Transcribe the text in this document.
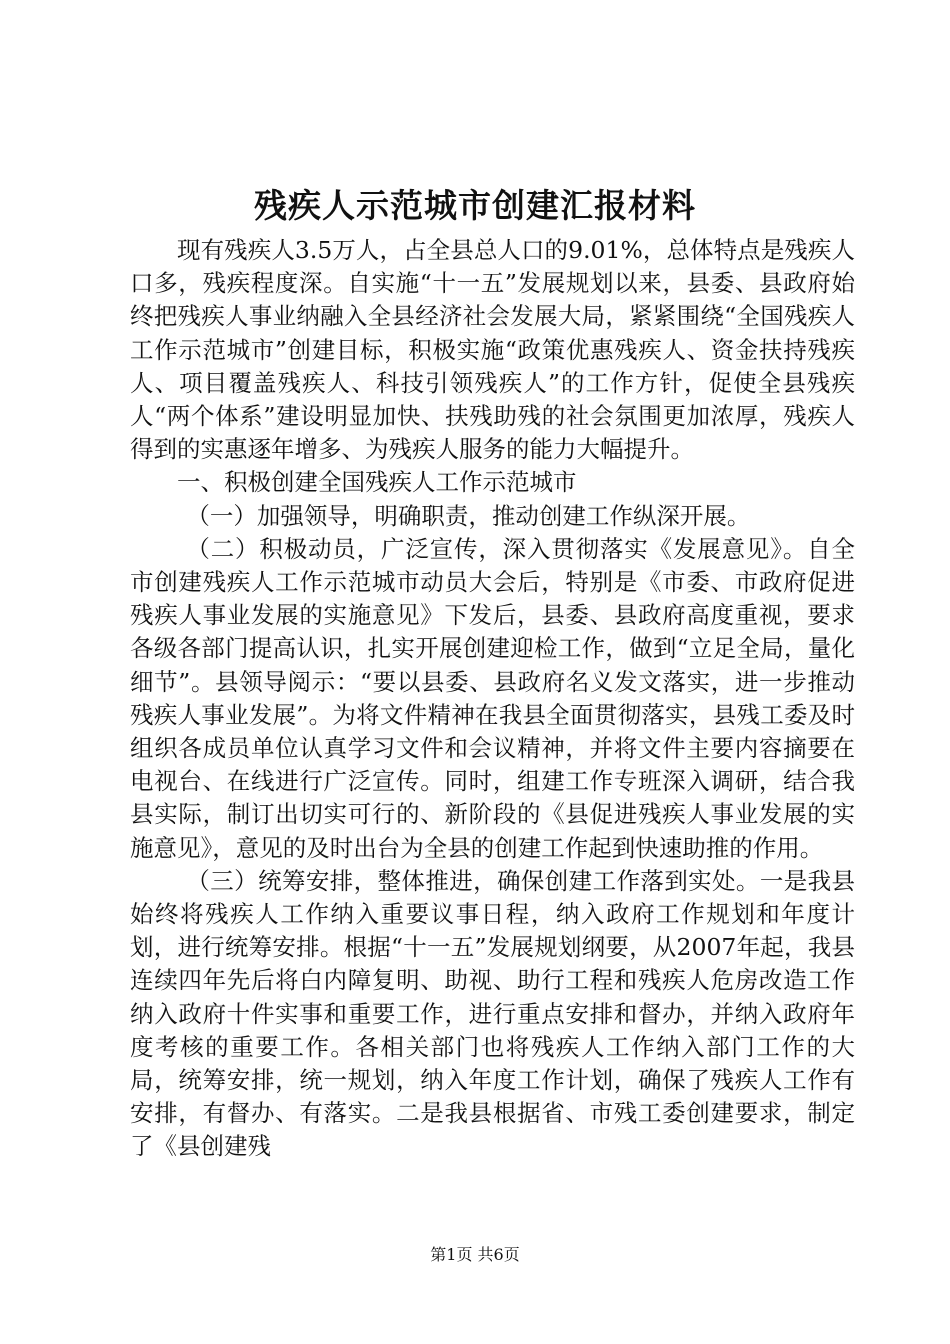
残疾人示范城市创建汇报材料

现有残疾人3.5万人，占全县总人口的9.01%，总体特点是残疾人口多，残疾程度深。自实施“十一五”发展规划以来，县委、县政府始终把残疾人事业纳融入全县经济社会发展大局，紧紧围绕“全国残疾人工作示范城市”创建目标，积极实施“政策优惠残疾人、资金扶持残疾人、项目覆盖残疾人、科技引领残疾人”的工作方针，促使全县残疾人“两个体系”建设明显加快、扶残助残的社会氛围更加浓厚，残疾人得到的实惠逐年增多、为残疾人服务的能力大幅提升。

一、积极创建全国残疾人工作示范城市

（一）加强领导，明确职责，推动创建工作纵深开展。

（二）积极动员，广泛宣传，深入贯彻落实《发展意见》。自全市创建残疾人工作示范城市动员大会后，特别是《市委、市政府促进残疾人事业发展的实施意见》下发后，县委、县政府高度重视，要求各级各部门提高认识，扎实开展创建迎检工作，做到“立足全局，量化细节”。县领导阅示：“要以县委、县政府名义发文落实，进一步推动残疾人事业发展”。为将文件精神在我县全面贯彻落实，县残工委及时组织各成员单位认真学习文件和会议精神，并将文件主要内容摘要在电视台、在线进行广泛宣传。同时，组建工作专班深入调研，结合我县实际，制订出切实可行的、新阶段的《县促进残疾人事业发展的实施意见》，意见的及时出台为全县的创建工作起到快速助推的作用。

（三）统筹安排，整体推进，确保创建工作落到实处。一是我县始终将残疾人工作纳入重要议事日程，纳入政府工作规划和年度计划，进行统筹安排。根据“十一五”发展规划纲要，从2007年起，我县连续四年先后将白内障复明、助视、助行工程和残疾人危房改造工作纳入政府十件实事和重要工作，进行重点安排和督办，并纳入政府年度考核的重要工作。各相关部门也将残疾人工作纳入部门工作的大局，统筹安排，统一规划，纳入年度工作计划，确保了残疾人工作有安排，有督办、有落实。二是我县根据省、市残工委创建要求，制定了《县创建残

第1页 共6页
